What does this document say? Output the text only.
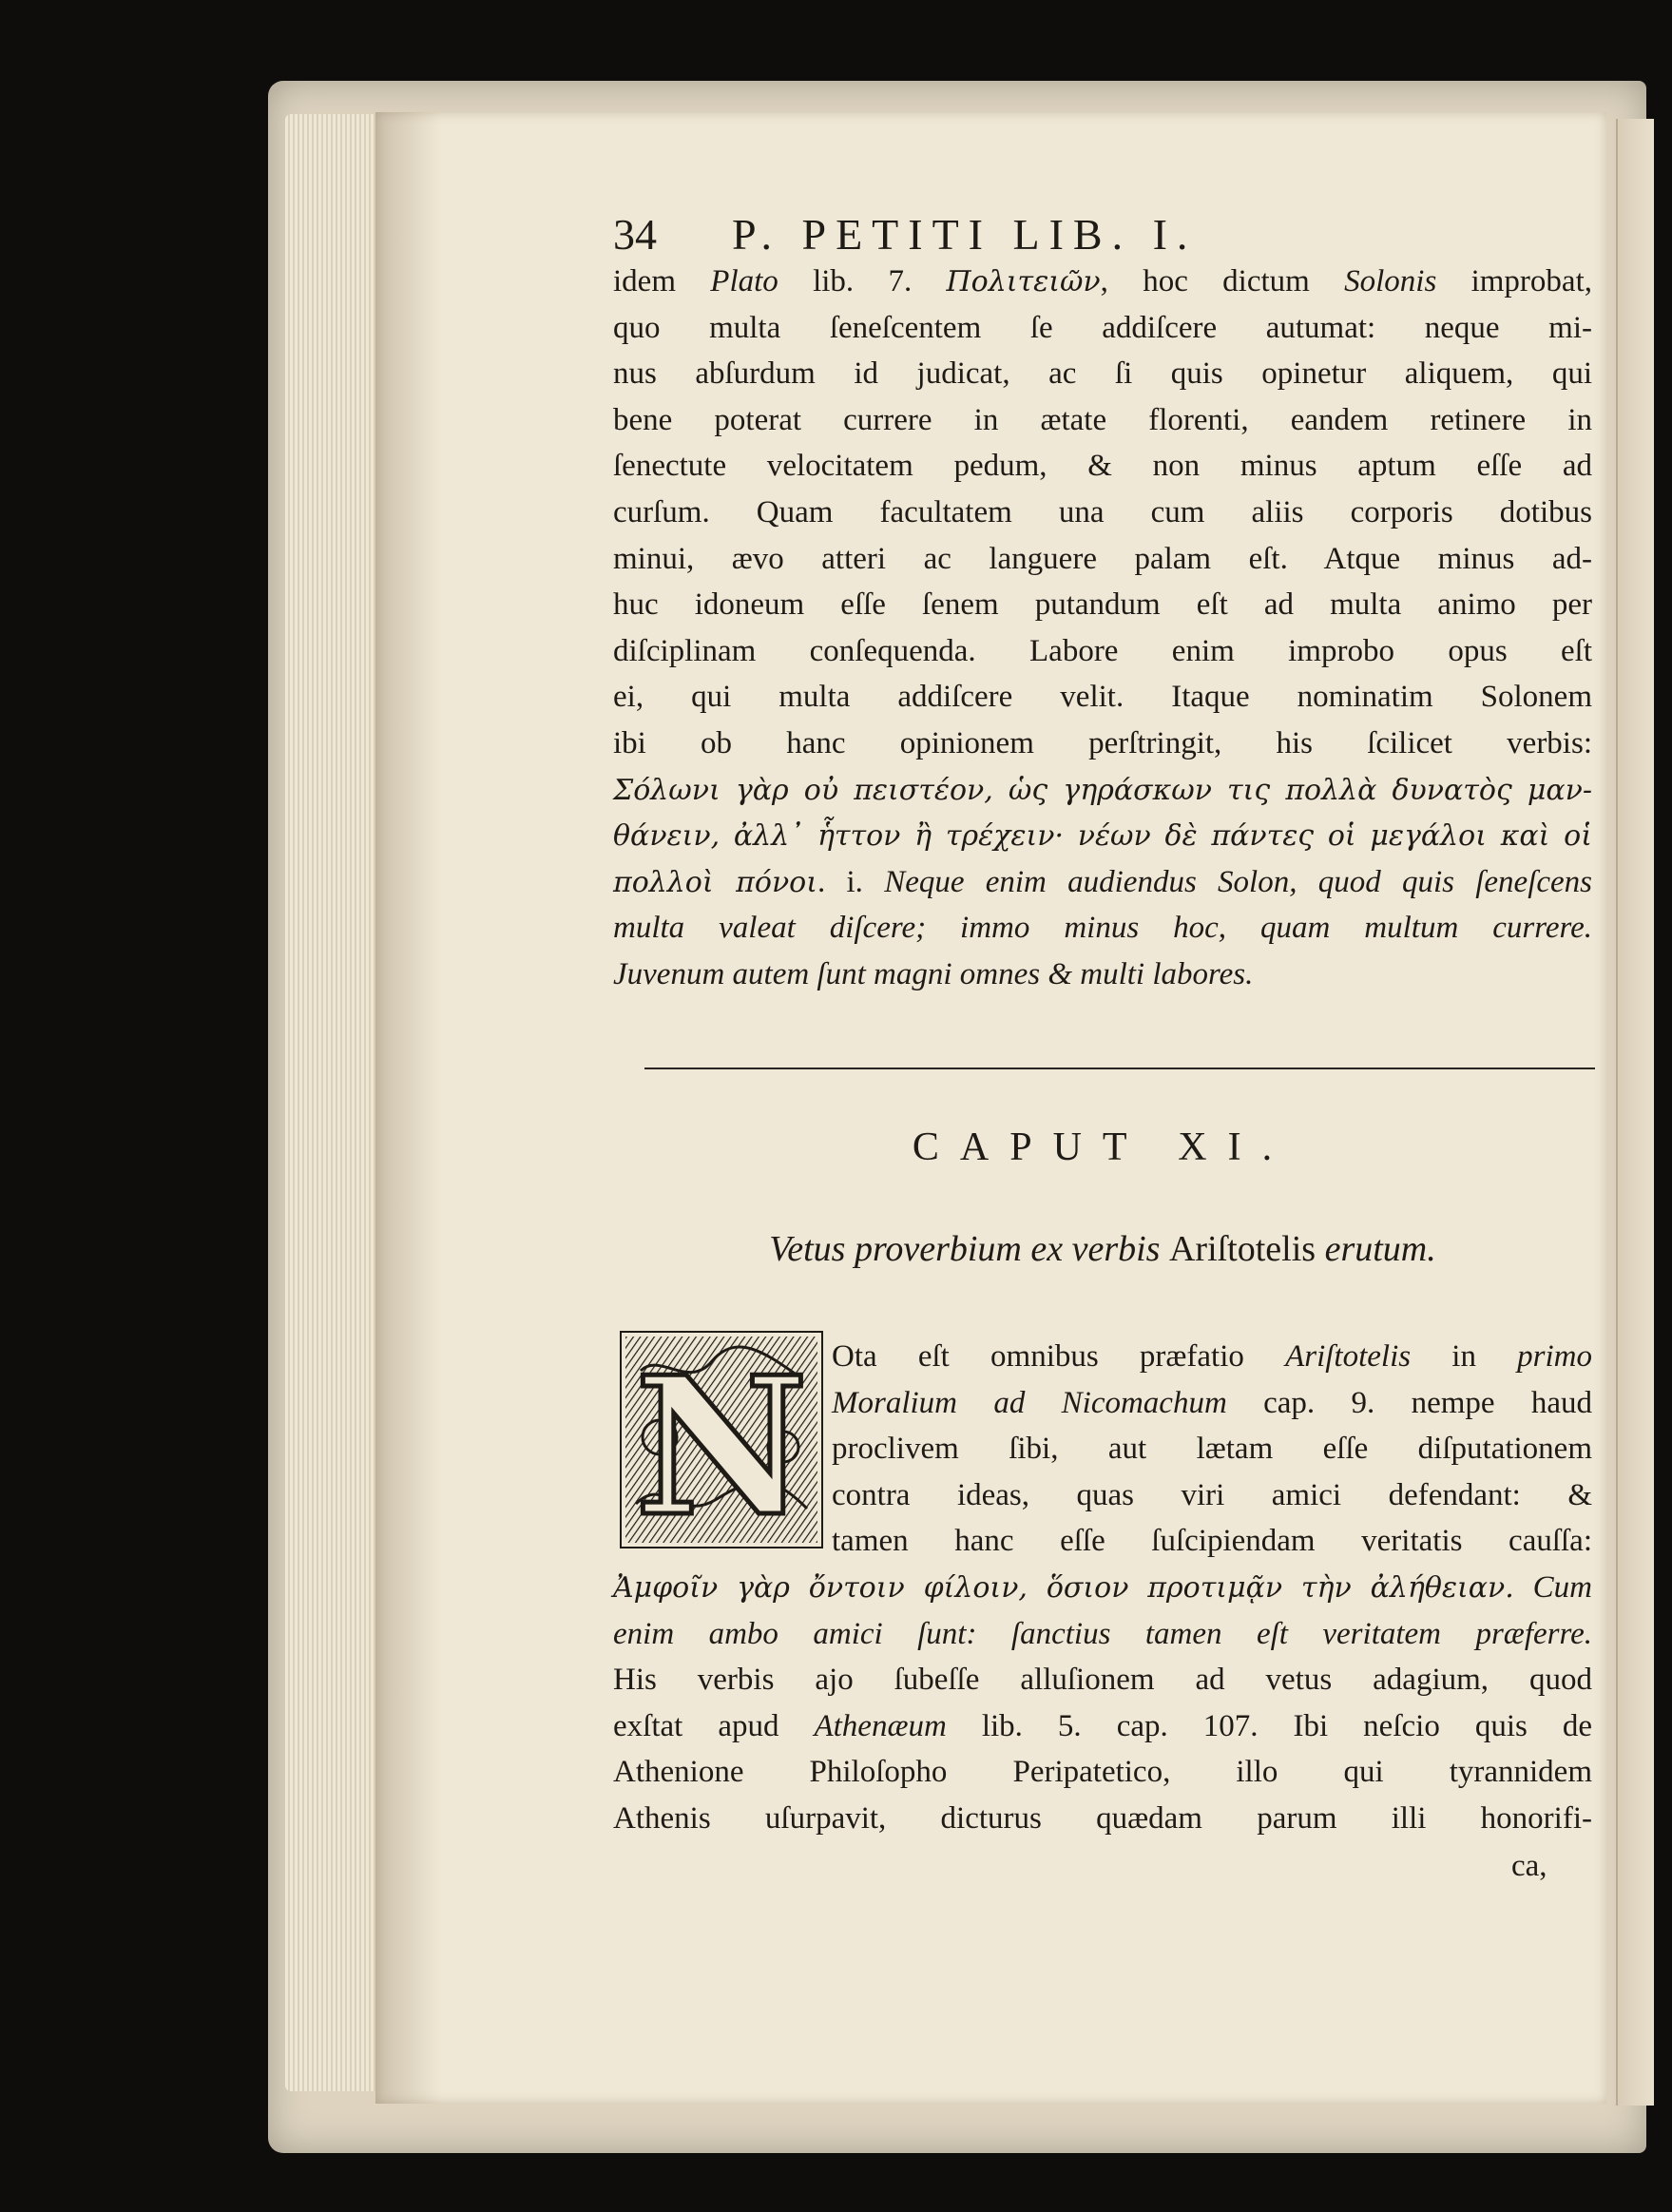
34 P. PETITI LIB. I.
idem Plato lib. 7. Πολιτειῶν, hoc dictum Solonis improbat,
quo multa ſeneſcentem ſe addiſcere autumat: neque mi-
nus abſurdum id judicat, ac ſi quis opinetur aliquem, qui
bene poterat currere in ætate florenti, eandem retinere in
ſenectute velocitatem pedum, & non minus aptum eſſe ad
curſum. Quam facultatem una cum aliis corporis dotibus
minui, ævo atteri ac languere palam eſt. Atque minus ad-
huc idoneum eſſe ſenem putandum eſt ad multa animo per
diſciplinam conſequenda. Labore enim improbo opus eſt
ei, qui multa addiſcere velit. Itaque nominatim Solonem
ibi ob hanc opinionem perſtringit, his ſcilicet verbis:
Σόλωνι γὰρ οὐ πειστέον, ὡς γηράσκων τις πολλὰ δυνατὸς μαν-
θάνειν, ἀλλ᾽ ἧττον ἢ τρέχειν· νέων δὲ πάντες οἱ μεγάλοι καὶ οἱ
πολλοὶ πόνοι. i. Neque enim audiendus Solon, quod quis ſeneſcens
multa valeat diſcere; immo minus hoc, quam multum currere.
Juvenum autem ſunt magni omnes & multi labores.
CAPUT XI.
Vetus proverbium ex verbis Ariſtotelis erutum.
N Ota eſt omnibus præfatio Ariſtotelis in primo
Moralium ad Nicomachum cap. 9. nempe haud
proclivem ſibi, aut lætam eſſe diſputationem
contra ideas, quas viri amici defendant: &
tamen hanc eſſe ſuſcipiendam veritatis cauſſa:
Ἀμφοῖν γὰρ ὄντοιν φίλοιν, ὅσιον προτιμᾷν τὴν ἀλήθειαν. Cum
enim ambo amici ſunt: ſanctius tamen eſt veritatem præferre.
His verbis ajo ſubeſſe alluſionem ad vetus adagium, quod
exſtat apud Athenæum lib. 5. cap. 107. Ibi neſcio quis de
Athenione Philoſopho Peripatetico, illo qui tyrannidem
Athenis uſurpavit, dicturus quædam parum illi honorifi-
ca,
